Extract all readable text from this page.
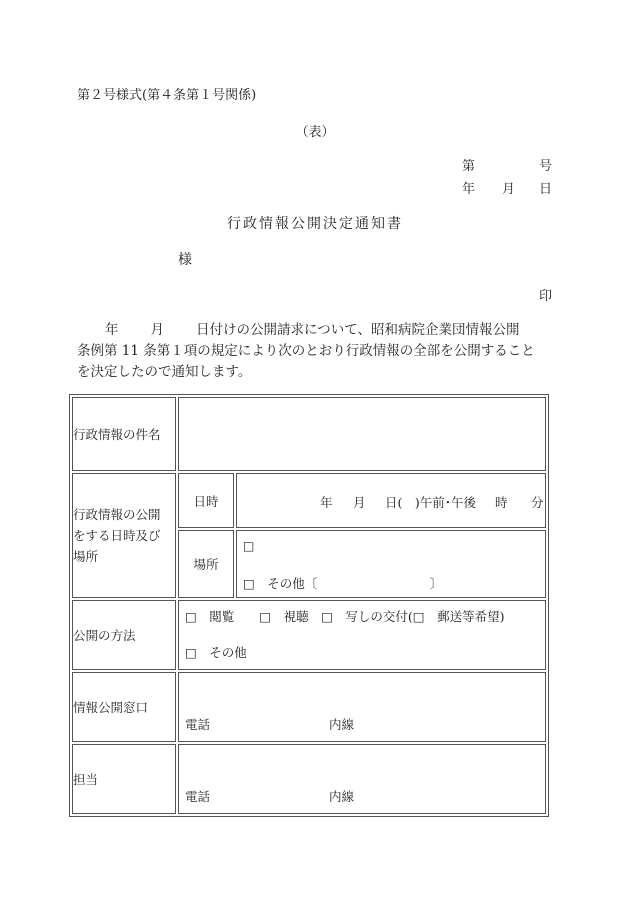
第２号様式(第４条第１号関係)
（表）
第	号
年 月 日
行政情報公開決定通知書
様
印

年 月 日付けの公開請求について、昭和病院企業団情報公開

条例第 11 条第１項の規定により次のとおり行政情報の全部を公開すること

を決定したので通知します。

行政情報の件名		

行政情報の公開をする日時及び場所	日時	年 月 日(　)午前･午後 時 分

	場所	□
□　その他〔　　　　　　　　　〕

公開の方法	□　閲覧　　□　視聴　□　写しの交付(□　郵送等希望)
□　その他	

情報公開窓口	電話 内線	

担当	電話 内線	
